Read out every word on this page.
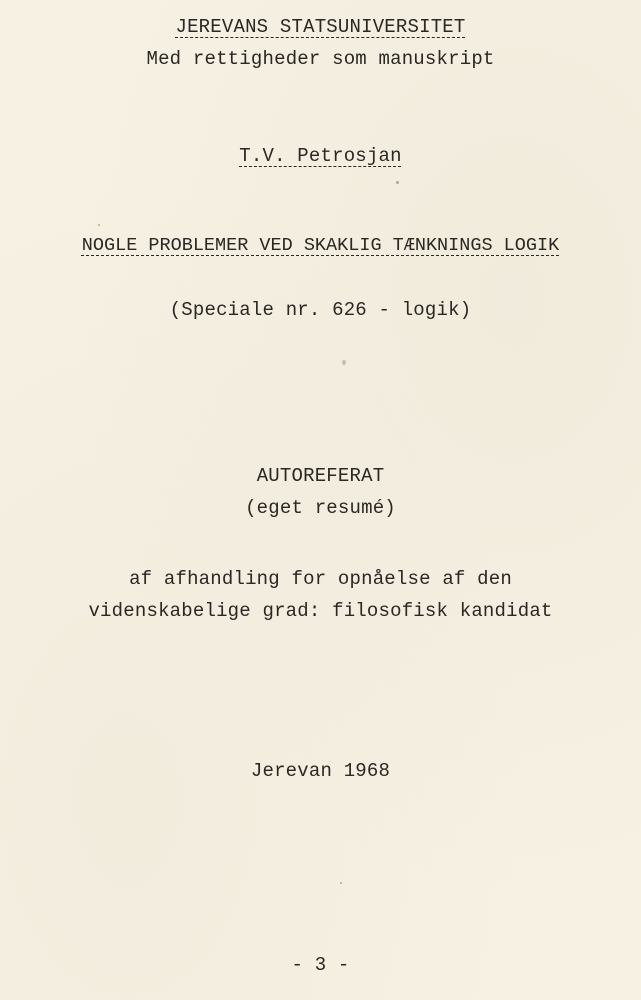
JEREVANS STATSUNIVERSITET
Med rettigheder som manuskript
T.V. Petrosjan
NOGLE PROBLEMER VED SKAKLIG TÆNKNINGS LOGIK
(Speciale nr. 626 - logik)
AUTOREFERAT
(eget resumé)
af afhandling for opnåelse af den
videnskabelige grad: filosofisk kandidat
Jerevan 1968
- 3 -
